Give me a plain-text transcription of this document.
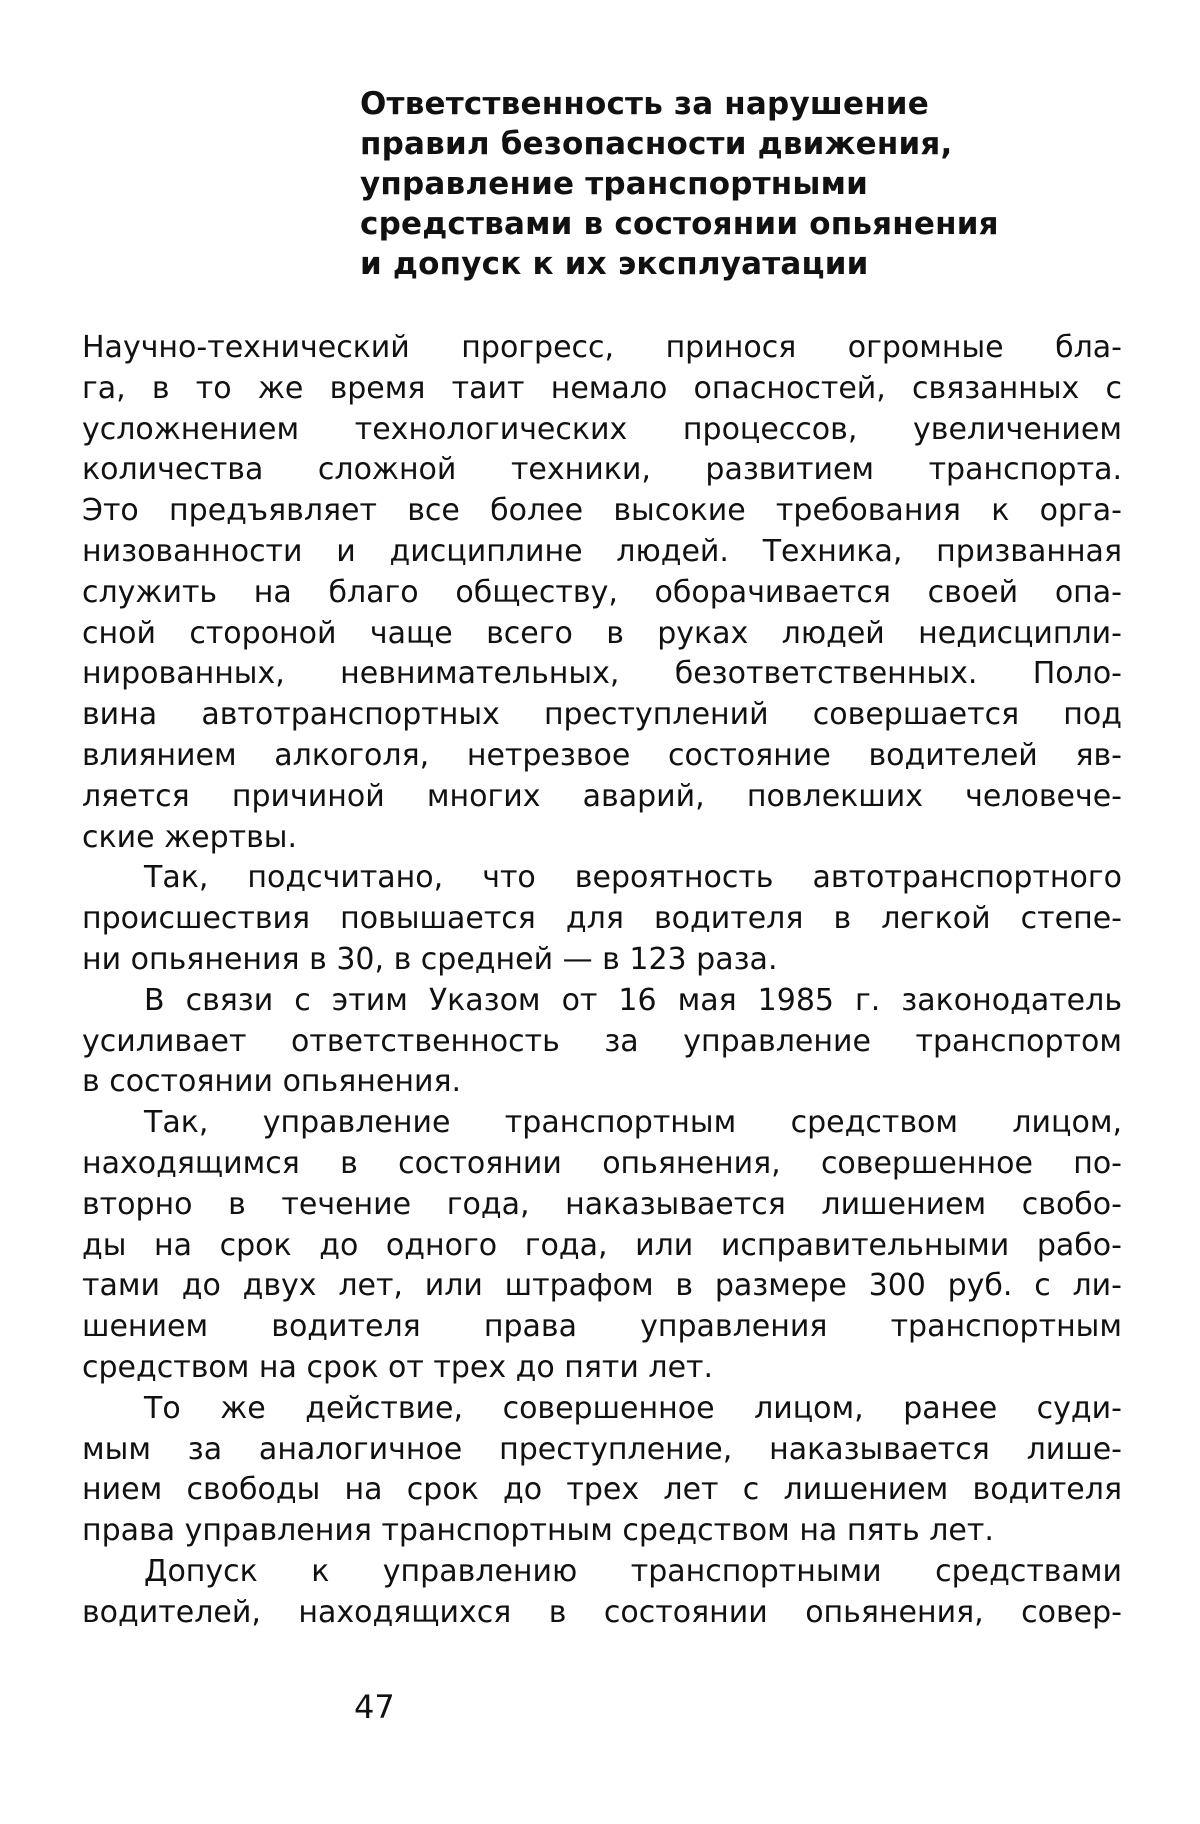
Ответственность за нарушение
правил безопасности движения,
управление транспортными
средствами в состоянии опьянения
и допуск к их эксплуатации

Научно-технический прогресс, принося огромные бла-
га, в то же время таит немало опасностей, связанных с
усложнением технологических процессов, увеличением
количества сложной техники, развитием транспорта.
Это предъявляет все более высокие требования к орга-
низованности и дисциплине людей. Техника, призванная
служить на благо обществу, оборачивается своей опа-
сной стороной чаще всего в руках людей недисципли-
нированных, невнимательных, безответственных. Поло-
вина автотранспортных преступлений совершается под
влиянием алкоголя, нетрезвое состояние водителей яв-
ляется причиной многих аварий, повлекших человече-
ские жертвы.

Так, подсчитано, что вероятность автотранспортного
происшествия повышается для водителя в легкой степе-
ни опьянения в 30, в средней — в 123 раза.

В связи с этим Указом от 16 мая 1985 г. законодатель
усиливает ответственность за управление транспортом
в состоянии опьянения.

Так, управление транспортным средством лицом,
находящимся в состоянии опьянения, совершенное по-
вторно в течение года, наказывается лишением свобо-
ды на срок до одного года, или исправительными рабо-
тами до двух лет, или штрафом в размере 300 руб. с ли-
шением водителя права управления транспортным
средством на срок от трех до пяти лет.

То же действие, совершенное лицом, ранее суди-
мым за аналогичное преступление, наказывается лише-
нием свободы на срок до трех лет с лишением водителя
права управления транспортным средством на пять лет.

Допуск к управлению транспортными средствами
водителей, находящихся в состоянии опьянения, совер-

47
